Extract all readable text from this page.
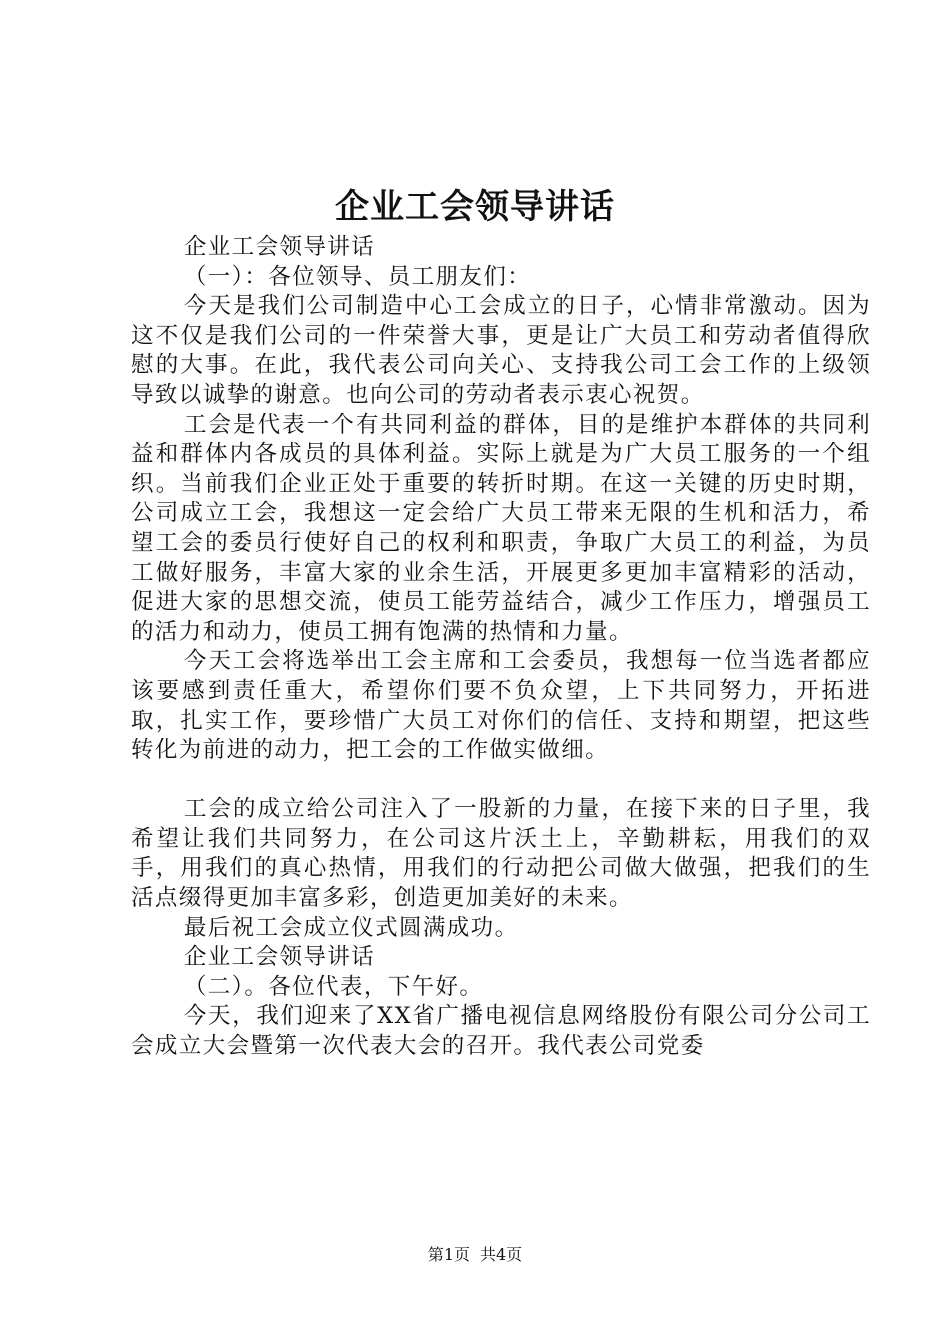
企业工会领导讲话

企业工会领导讲话

（一）：各位领导、员工朋友们：

今天是我们公司制造中心工会成立的日子，心情非常激动。因为这不仅是我们公司的一件荣誉大事，更是让广大员工和劳动者值得欣慰的大事。在此，我代表公司向关心、支持我公司工会工作的上级领导致以诚挚的谢意。也向公司的劳动者表示衷心祝贺。

工会是代表一个有共同利益的群体，目的是维护本群体的共同利益和群体内各成员的具体利益。实际上就是为广大员工服务的一个组织。当前我们企业正处于重要的转折时期。在这一关键的历史时期，公司成立工会，我想这一定会给广大员工带来无限的生机和活力，希望工会的委员行使好自己的权利和职责，争取广大员工的利益，为员工做好服务，丰富大家的业余生活，开展更多更加丰富精彩的活动，促进大家的思想交流，使员工能劳益结合，减少工作压力，增强员工的活力和动力，使员工拥有饱满的热情和力量。

今天工会将选举出工会主席和工会委员，我想每一位当选者都应该要感到责任重大，希望你们要不负众望，上下共同努力，开拓进取，扎实工作，要珍惜广大员工对你们的信任、支持和期望，把这些转化为前进的动力，把工会的工作做实做细。

工会的成立给公司注入了一股新的力量，在接下来的日子里，我希望让我们共同努力，在公司这片沃土上，辛勤耕耘，用我们的双手，用我们的真心热情，用我们的行动把公司做大做强，把我们的生活点缀得更加丰富多彩，创造更加美好的未来。

最后祝工会成立仪式圆满成功。

企业工会领导讲话

（二）。各位代表，下午好。

今天，我们迎来了XX省广播电视信息网络股份有限公司分公司工会成立大会暨第一次代表大会的召开。我代表公司党委

第1页 共4页
